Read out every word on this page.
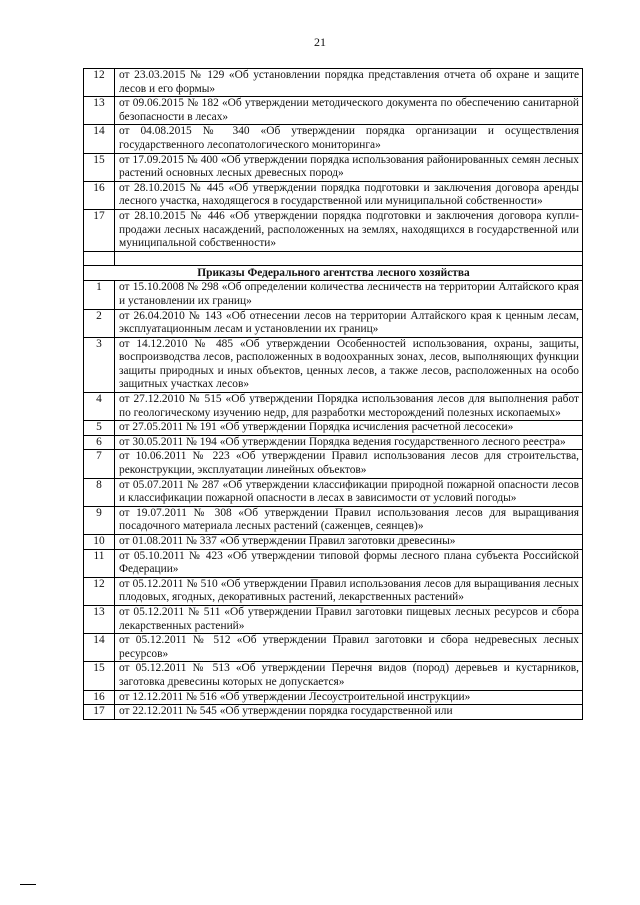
21
12	от 23.03.2015 № 129 «Об установлении порядка представления отчета об охране и защите лесов и его формы»
13	от 09.06.2015 № 182 «Об утверждении методического документа по обеспечению санитарной безопасности в лесах»
14	от 04.08.2015 № 340 «Об утверждении порядка организации и осуществления государственного лесопатологического мониторинга»
15	от 17.09.2015 № 400 «Об утверждении порядка использования районированных семян лесных растений основных лесных древесных пород»
16	от 28.10.2015 № 445 «Об утверждении порядка подготовки и заключения договора аренды лесного участка, находящегося в государственной или муниципальной собственности»
17	от 28.10.2015 № 446 «Об утверждении порядка подготовки и заключения договора купли-продажи лесных насаждений, расположенных на землях, находящихся в государственной или муниципальной собственности»

Приказы Федерального агентства лесного хозяйства	
1	от 15.10.2008 № 298 «Об определении количества лесничеств на территории Алтайского края и установлении их границ»
2	от 26.04.2010 № 143 «Об отнесении лесов на территории Алтайского края к ценным лесам, эксплуатационным лесам и установлении их границ»
3	от 14.12.2010 № 485 «Об утверждении Особенностей использования, охраны, защиты, воспроизводства лесов, расположенных в водоохранных зонах, лесов, выполняющих функции защиты природных и иных объектов, ценных лесов, а также лесов, расположенных на особо защитных участках лесов»
4	от 27.12.2010 № 515 «Об утверждении Порядка использования лесов для выполнения работ по геологическому изучению недр, для разработки месторождений полезных ископаемых»
5	от 27.05.2011 № 191 «Об утверждении Порядка исчисления расчетной лесосеки»
6	от 30.05.2011 № 194 «Об утверждении Порядка ведения государственного лесного реестра»
7	от 10.06.2011 № 223 «Об утверждении Правил использования лесов для строительства, реконструкции, эксплуатации линейных объектов»
8	от 05.07.2011 № 287 «Об утверждении классификации природной пожарной опасности лесов и классификации пожарной опасности в лесах в зависимости от условий погоды»
9	от 19.07.2011 № 308 «Об утверждении Правил использования лесов для выращивания посадочного материала лесных растений (саженцев, сеянцев)»
10	от 01.08.2011 № 337 «Об утверждении Правил заготовки древесины»
11	от 05.10.2011 № 423 «Об утверждении типовой формы лесного плана субъекта Российской Федерации»
12	от 05.12.2011 № 510 «Об утверждении Правил использования лесов для выращивания лесных плодовых, ягодных, декоративных растений, лекарственных растений»
13	от 05.12.2011 № 511 «Об утверждении Правил заготовки пищевых лесных ресурсов и сбора лекарственных растений»
14	от 05.12.2011 № 512 «Об утверждении Правил заготовки и сбора недревесных лесных ресурсов»
15	от 05.12.2011 № 513 «Об утверждении Перечня видов (пород) деревьев и кустарников, заготовка древесины которых не допускается»
16	от 12.12.2011 № 516 «Об утверждении Лесоустроительной инструкции»
17	от 22.12.2011 № 545 «Об утверждении порядка государственной или
